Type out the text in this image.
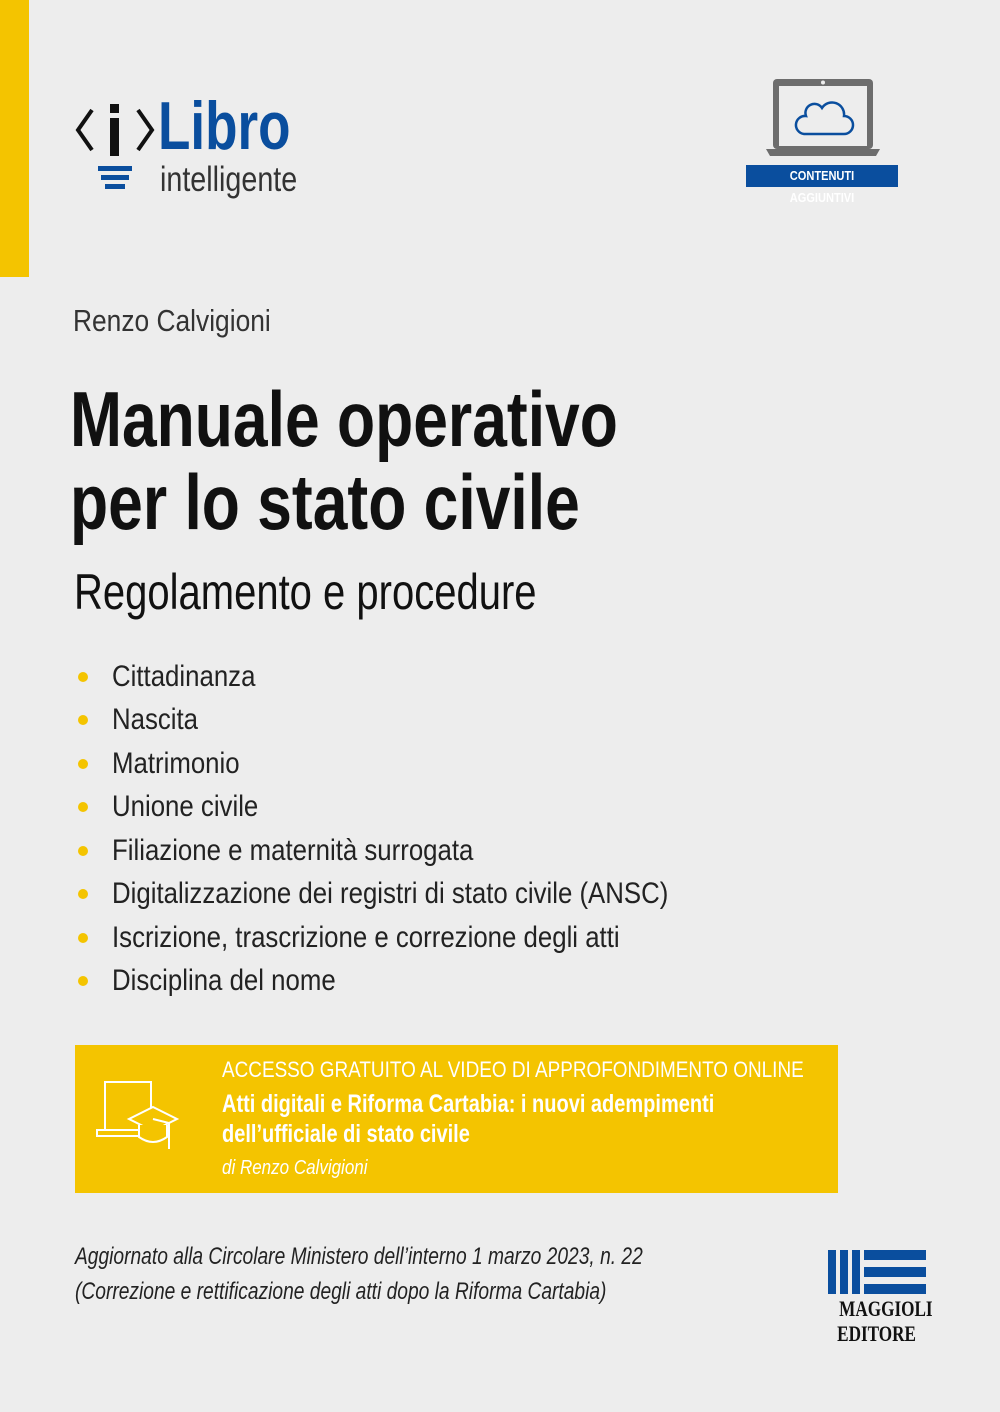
Libro
intelligente	CONTENUTI AGGIUNTIVI
Renzo Calvigioni
Manuale operativo
per lo stato civile
Regolamento e procedure
Cittadinanza
Nascita
Matrimonio
Unione civile
Filiazione e maternità surrogata
Digitalizzazione dei registri di stato civile (ANSC)
Iscrizione, trascrizione e correzione degli atti
Disciplina del nome
ACCESSO GRATUITO AL VIDEO DI APPROFONDIMENTO ONLINE
Atti digitali e Riforma Cartabia: i nuovi adempimenti
dell’ufficiale di stato civile
di Renzo Calvigioni
Aggiornato alla Circolare Ministero dell’interno 1 marzo 2023, n. 22
(Correzione e rettificazione degli atti dopo la Riforma Cartabia)
MAGGIOLI
EDITORE
